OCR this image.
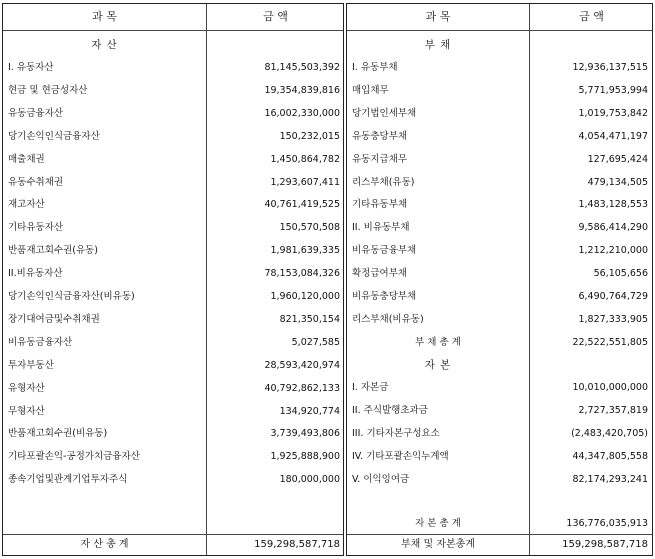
과 목	금 액
자 산
I. 유동자산	81,145,503,392
현금 및 현금성자산	19,354,839,816
유동금융자산	16,002,330,000
당기손익인식금융자산	150,232,015
매출채권	1,450,864,782
유동수취채권	1,293,607,411
재고자산	40,761,419,525
기타유동자산	150,570,508
반품재고회수권(유동)	1,981,639,335
II.비유동자산	78,153,084,326
당기손익인식금융자산(비유동)	1,960,120,000
장기대여금및수취채권	821,350,154
비유동금융자산	5,027,585
투자부동산	28,593,420,974
유형자산	40,792,862,133
무형자산	134,920,774
반품재고회수권(비유동)	3,739,493,806
기타포괄손익-공정가치금융자산	1,925,888,900
종속기업및관계기업투자주식	180,000,000
자 산 총 계	159,298,587,718
과 목	금 액
부 채
I. 유동부채	12,936,137,515
매입채무	5,771,953,994
당기법인세부채	1,019,753,842
유동충당부채	4,054,471,197
유동지급채무	127,695,424
리스부채(유동)	479,134,505
기타유동부채	1,483,128,553
II. 비유동부채	9,586,414,290
비유동금융부채	1,212,210,000
확정급여부채	56,105,656
비유동충당부채	6,490,764,729
리스부채(비유동)	1,827,333,905
부 채 총 계	22,522,551,805
자 본
I. 자본금	10,010,000,000
II. 주식발행초과금	2,727,357,819
III. 기타자본구성요소	(2,483,420,705)
IV. 기타포괄손익누계액	44,347,805,558
V. 이익잉여금	82,174,293,241
자 본 총 계	136,776,035,913
부채 및 자본총계	159,298,587,718
